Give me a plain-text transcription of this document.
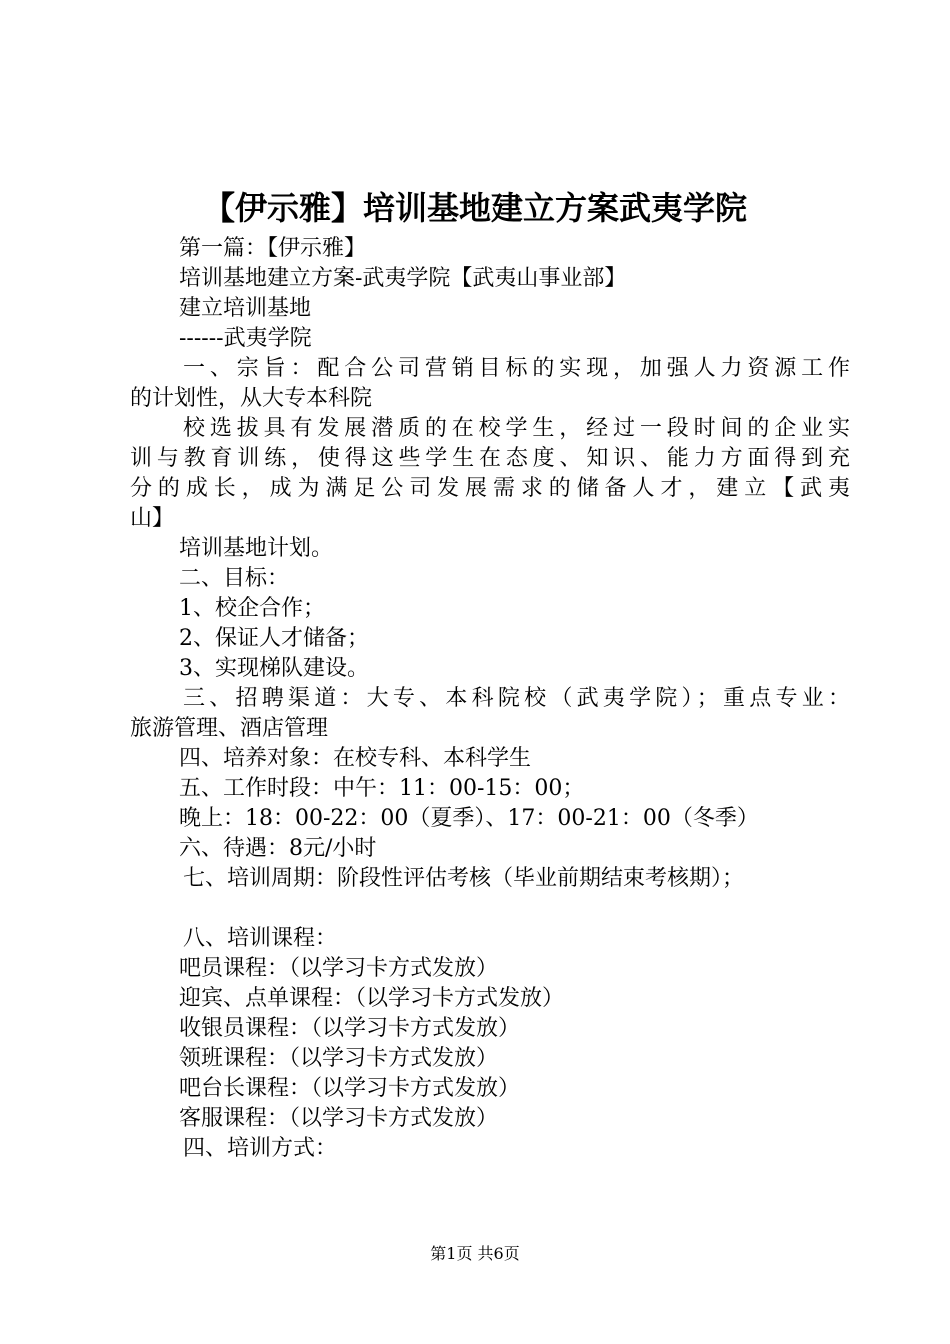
【伊示雅】培训基地建立方案武夷学院
第一篇：【伊示雅】
培训基地建立方案-武夷学院【武夷山事业部】
建立培训基地
------武夷学院
一、宗旨：配合公司营销目标的实现，加强人力资源工作
的计划性，从大专本科院
校选拔具有发展潜质的在校学生，经过一段时间的企业实
训与教育训练，使得这些学生在态度、知识、能力方面得到充
分的成长，成为满足公司发展需求的储备人才，建立【武夷
山】
培训基地计划。
二、目标：
1、校企合作；
2、保证人才储备；
3、实现梯队建设。
三、招聘渠道：大专、本科院校（武夷学院）；重点专业：
旅游管理、酒店管理
四、培养对象：在校专科、本科学生
五、工作时段：中午：11：00-15：00；
晚上：18：00-22：00（夏季）、17：00-21：00（冬季）
六、待遇：8元/小时
七、培训周期：阶段性评估考核（毕业前期结束考核期）；
八、培训课程：
吧员课程：（以学习卡方式发放）
迎宾、点单课程：（以学习卡方式发放）
收银员课程：（以学习卡方式发放）
领班课程：（以学习卡方式发放）
吧台长课程：（以学习卡方式发放）
客服课程：（以学习卡方式发放）
四、培训方式：
第1页 共6页
